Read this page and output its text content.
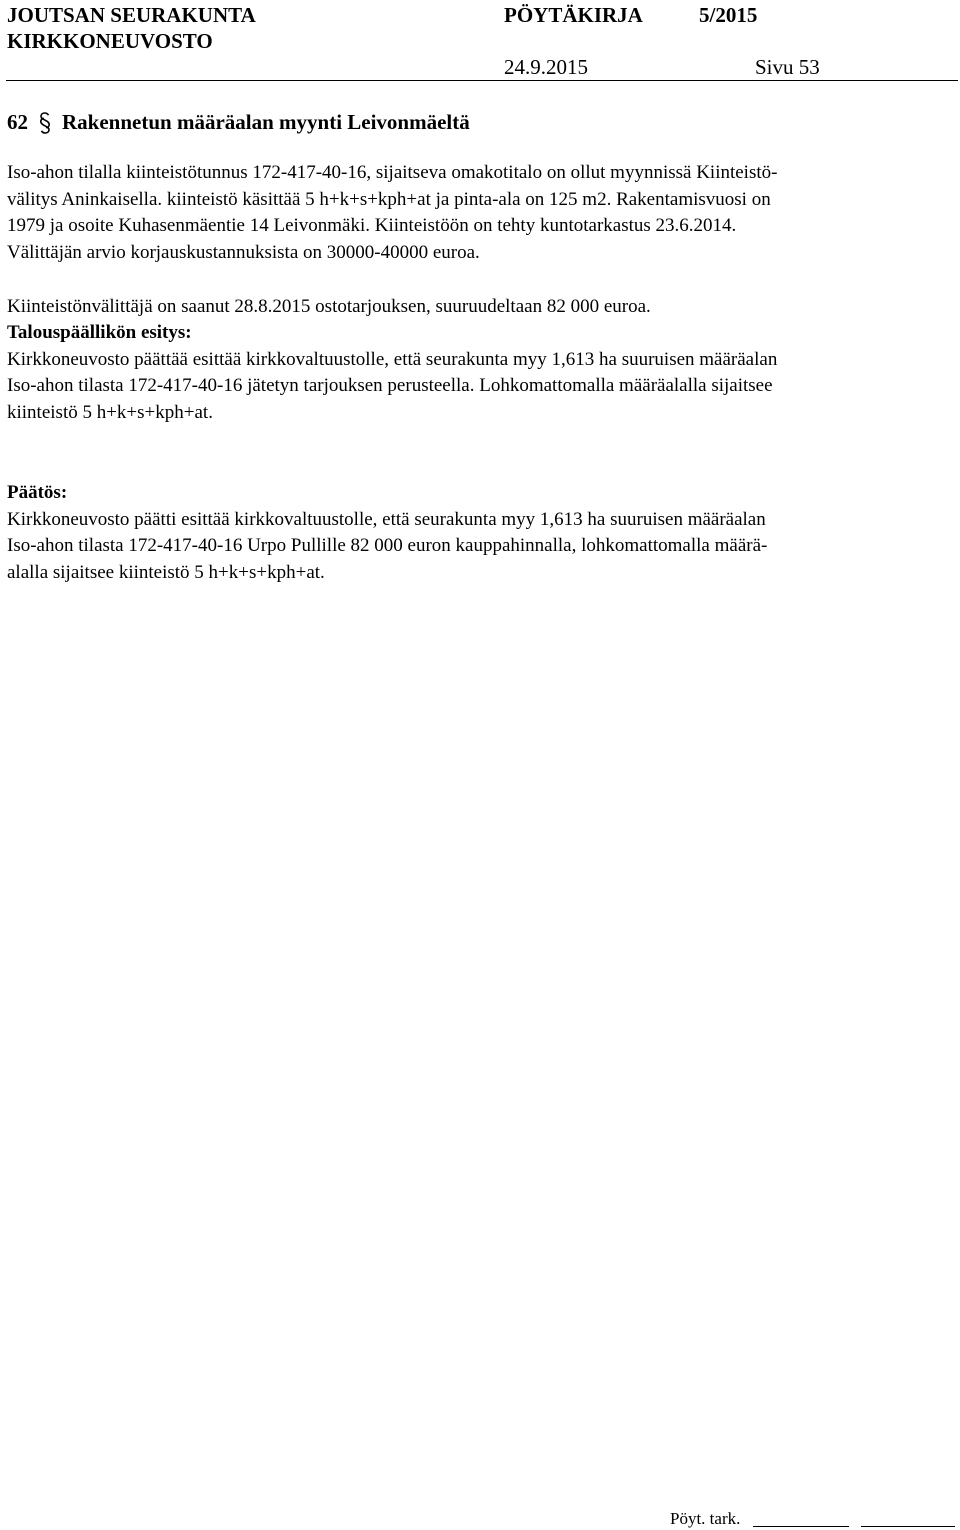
JOUTSAN SEURAKUNTA
KIRKKONEUVOSTO
PÖYTÄKIRJA	5/2015
24.9.2015	Sivu 53
62 Rakennetun määräalan myynti Leivonmäeltä
Iso-ahon tilalla kiinteistötunnus 172-417-40-16, sijaitseva omakotitalo on ollut myynnissä Kiinteistö-
välitys Aninkaisella. kiinteistö käsittää 5 h+k+s+kph+at ja pinta-ala on 125 m2. Rakentamisvuosi on
1979 ja osoite Kuhasenmäentie 14 Leivonmäki. Kiinteistöön on tehty kuntotarkastus 23.6.2014.
Välittäjän arvio korjauskustannuksista on 30000-40000 euroa.
Kiinteistönvälittäjä on saanut 28.8.2015 ostotarjouksen, suuruudeltaan 82 000 euroa.
Talouspäällikön esitys:
Kirkkoneuvosto päättää esittää kirkkovaltuustolle, että seurakunta myy 1,613 ha suuruisen määräalan
Iso-ahon tilasta 172-417-40-16 jätetyn tarjouksen perusteella. Lohkomattomalla määräalalla sijaitsee
kiinteistö 5 h+k+s+kph+at.
Päätös:
Kirkkoneuvosto päätti esittää kirkkovaltuustolle, että seurakunta myy 1,613 ha suuruisen määräalan
Iso-ahon tilasta 172-417-40-16 Urpo Pullille 82 000 euron kauppahinnalla, lohkomattomalla määrä-
alalla sijaitsee kiinteistö 5 h+k+s+kph+at.
Pöyt. tark.
